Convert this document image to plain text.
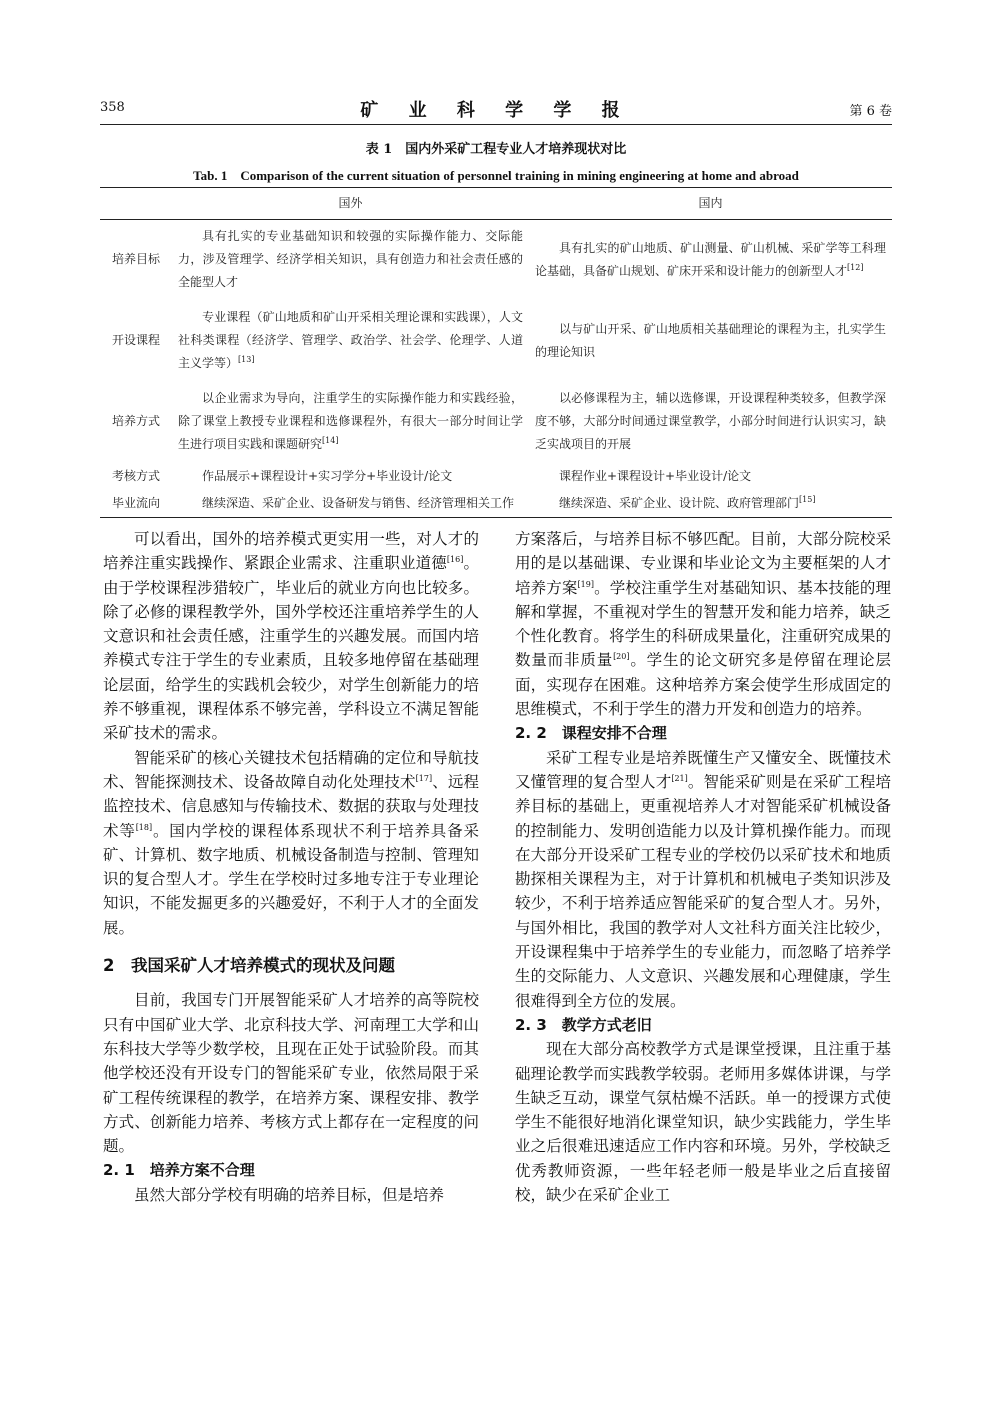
358	矿 业 科 学 学 报	第 6 卷
表 1　国内外采矿工程专业人才培养现状对比
Tab. 1　Comparison of the current situation of personnel training in mining engineering at home and abroad
	国外	国内
培养目标	具有扎实的专业基础知识和较强的实际操作能力、交际能力，涉及管理学、经济学相关知识，具有创造力和社会责任感的全能型人才	具有扎实的矿山地质、矿山测量、矿山机械、采矿学等工科理论基础，具备矿山规划、矿床开采和设计能力的创新型人才[12]
开设课程	专业课程（矿山地质和矿山开采相关理论课和实践课），人文社科类课程（经济学、管理学、政治学、社会学、伦理学、人道主义学等）[13]	以与矿山开采、矿山地质相关基础理论的课程为主，扎实学生的理论知识
培养方式	以企业需求为导向，注重学生的实际操作能力和实践经验，除了课堂上教授专业课程和选修课程外，有很大一部分时间让学生进行项目实践和课题研究[14]	以必修课程为主，辅以选修课，开设课程种类较多，但教学深度不够，大部分时间通过课堂教学，小部分时间进行认识实习，缺乏实战项目的开展
考核方式	作品展示+课程设计+实习学分+毕业设计/论文	课程作业+课程设计+毕业设计/论文
毕业流向	继续深造、采矿企业、设备研发与销售、经济管理相关工作	继续深造、采矿企业、设计院、政府管理部门[15]

可以看出，国外的培养模式更实用一些，对人才的培养注重实践操作、紧跟企业需求、注重职业道德[16]。由于学校课程涉猎较广，毕业后的就业方向也比较多。除了必修的课程教学外，国外学校还注重培养学生的人文意识和社会责任感，注重学生的兴趣发展。而国内培养模式专注于学生的专业素质，且较多地停留在基础理论层面，给学生的实践机会较少，对学生创新能力的培养不够重视，课程体系不够完善，学科设立不满足智能采矿技术的需求。

智能采矿的核心关键技术包括精确的定位和导航技术、智能探测技术、设备故障自动化处理技术[17]、远程监控技术、信息感知与传输技术、数据的获取与处理技术等[18]。国内学校的课程体系现状不利于培养具备采矿、计算机、数字地质、机械设备制造与控制、管理知识的复合型人才。学生在学校时过多地专注于专业理论知识，不能发掘更多的兴趣爱好，不利于人才的全面发展。

2　我国采矿人才培养模式的现状及问题

目前，我国专门开展智能采矿人才培养的高等院校只有中国矿业大学、北京科技大学、河南理工大学和山东科技大学等少数学校，且现在正处于试验阶段。而其他学校还没有开设专门的智能采矿专业，依然局限于采矿工程传统课程的教学，在培养方案、课程安排、教学方式、创新能力培养、考核方式上都存在一定程度的问题。

2. 1　培养方案不合理

虽然大部分学校有明确的培养目标，但是培养

方案落后，与培养目标不够匹配。目前，大部分院校采用的是以基础课、专业课和毕业论文为主要框架的人才培养方案[19]。学校注重学生对基础知识、基本技能的理解和掌握，不重视对学生的智慧开发和能力培养，缺乏个性化教育。将学生的科研成果量化，注重研究成果的数量而非质量[20]。学生的论文研究多是停留在理论层面，实现存在困难。这种培养方案会使学生形成固定的思维模式，不利于学生的潜力开发和创造力的培养。

2. 2　课程安排不合理

采矿工程专业是培养既懂生产又懂安全、既懂技术又懂管理的复合型人才[21]。智能采矿则是在采矿工程培养目标的基础上，更重视培养人才对智能采矿机械设备的控制能力、发明创造能力以及计算机操作能力。而现在大部分开设采矿工程专业的学校仍以采矿技术和地质勘探相关课程为主，对于计算机和机械电子类知识涉及较少，不利于培养适应智能采矿的复合型人才。另外，与国外相比，我国的教学对人文社科方面关注比较少，开设课程集中于培养学生的专业能力，而忽略了培养学生的交际能力、人文意识、兴趣发展和心理健康，学生很难得到全方位的发展。

2. 3　教学方式老旧

现在大部分高校教学方式是课堂授课，且注重于基础理论教学而实践教学较弱。老师用多媒体讲课，与学生缺乏互动，课堂气氛枯燥不活跃。单一的授课方式使学生不能很好地消化课堂知识，缺少实践能力，学生毕业之后很难迅速适应工作内容和环境。另外，学校缺乏优秀教师资源，一些年轻老师一般是毕业之后直接留校，缺少在采矿企业工
